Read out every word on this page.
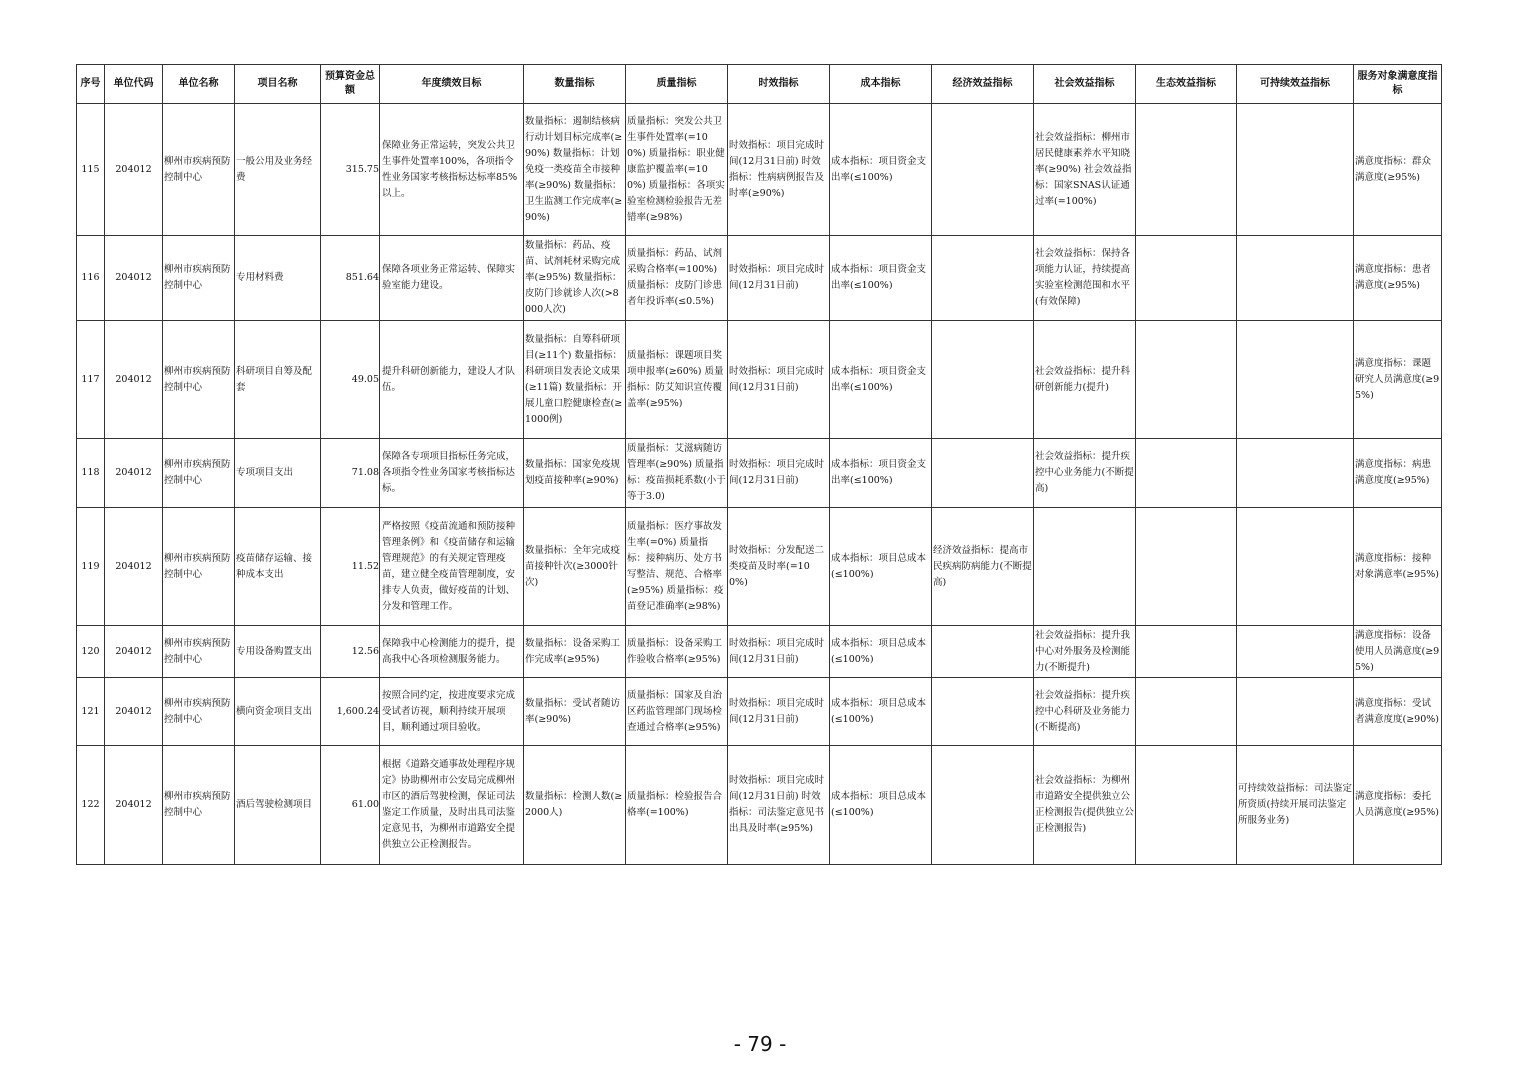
序号	单位代码	单位名称	项目名称	预算资金总额	年度绩效目标	数量指标	质量指标	时效指标	成本指标	经济效益指标	社会效益指标	生态效益指标	可持续效益指标	服务对象满意度指标
115	204012	柳州市疾病预防控制中心	一般公用及业务经费	315.75	保障业务正常运转，突发公共卫生事件处置率100%，各项指令性业务国家考核指标达标率85%以上。	数量指标：遏制结核病行动计划目标完成率(≥90%) 数量指标：计划免疫一类疫苗全市接种率(≥90%) 数量指标：卫生监测工作完成率(≥90%)	质量指标：突发公共卫生事件处置率(=100%) 质量指标：职业健康监护覆盖率(=100%) 质量指标：各项实验室检测检验报告无差错率(≥98%)	时效指标：项目完成时间(12月31日前) 时效指标：性病病例报告及时率(≥90%)	成本指标：项目资金支出率(≤100%)		社会效益指标：柳州市居民健康素养水平知晓率(≥90%) 社会效益指标：国家SNAS认证通过率(=100%)			满意度指标：群众满意度(≥95%)
116	204012	柳州市疾病预防控制中心	专用材料费	851.64	保障各项业务正常运转、保障实验室能力建设。	数量指标：药品、疫苗、试剂耗材采购完成率(≥95%) 数量指标：皮防门诊就诊人次(>8000人次)	质量指标：药品、试剂采购合格率(=100%) 质量指标：皮防门诊患者年投诉率(≤0.5%)	时效指标：项目完成时间(12月31日前)	成本指标：项目资金支出率(≤100%)		社会效益指标：保持各项能力认证，持续提高实验室检测范围和水平(有效保障)			满意度指标：患者满意度(≥95%)
117	204012	柳州市疾病预防控制中心	科研项目自筹及配套	49.05	提升科研创新能力，建设人才队伍。	数量指标：自筹科研项目(≥11个) 数量指标：科研项目发表论文成果(≥11篇) 数量指标：开展儿童口腔健康检查(≥1000例)	质量指标：课题项目奖项申报率(≥60%) 质量指标：防艾知识宣传覆盖率(≥95%)	时效指标：项目完成时间(12月31日前)	成本指标：项目资金支出率(≤100%)		社会效益指标：提升科研创新能力(提升)			满意度指标：课题研究人员满意度(≥95%)
118	204012	柳州市疾病预防控制中心	专项项目支出	71.08	保障各专项项目指标任务完成，各项指令性业务国家考核指标达标。	数量指标：国家免疫规划疫苗接种率(≥90%)	质量指标：艾滋病随访管理率(≥90%) 质量指标：疫苗损耗系数(小于等于3.0)	时效指标：项目完成时间(12月31日前)	成本指标：项目资金支出率(≤100%)		社会效益指标：提升疾控中心业务能力(不断提高)			满意度指标：病患满意度度(≥95%)
119	204012	柳州市疾病预防控制中心	疫苗储存运输、接种成本支出	11.52	严格按照《疫苗流通和预防接种管理条例》和《疫苗储存和运输管理规范》的有关规定管理疫苗，建立健全疫苗管理制度，安排专人负责，做好疫苗的计划、分发和管理工作。	数量指标：全年完成疫苗接种针次(≥3000针次)	质量指标：医疗事故发生率(=0%) 质量指标：接种病历、处方书写整洁、规范、合格率(≥95%) 质量指标：疫苗登记准确率(≥98%)	时效指标：分发配送二类疫苗及时率(=100%)	成本指标：项目总成本(≤100%)	经济效益指标：提高市民疾病防病能力(不断提高)				满意度指标：接种对象满意率(≥95%)
120	204012	柳州市疾病预防控制中心	专用设备购置支出	12.56	保障我中心检测能力的提升，提高我中心各项检测服务能力。	数量指标：设备采购工作完成率(≥95%)	质量指标：设备采购工作验收合格率(≥95%)	时效指标：项目完成时间(12月31日前)	成本指标：项目总成本(≤100%)		社会效益指标：提升我中心对外服务及检测能力(不断提升)			满意度指标：设备使用人员满意度(≥95%)
121	204012	柳州市疾病预防控制中心	横向资金项目支出	1,600.24	按照合同约定，按进度要求完成受试者访视，顺利持续开展项目，顺利通过项目验收。	数量指标：受试者随访率(≥90%)	质量指标：国家及自治区药监管理部门现场检查通过合格率(≥95%)	时效指标：项目完成时间(12月31日前)	成本指标：项目总成本(≤100%)		社会效益指标：提升疾控中心科研及业务能力(不断提高)			满意度指标：受试者满意度度(≥90%)
122	204012	柳州市疾病预防控制中心	酒后驾驶检测项目	61.00	根据《道路交通事故处理程序规定》协助柳州市公安局完成柳州市区的酒后驾驶检测，保证司法鉴定工作质量，及时出具司法鉴定意见书，为柳州市道路安全提供独立公正检测报告。	数量指标：检测人数(≥2000人)	质量指标：检验报告合格率(=100%)	时效指标：项目完成时间(12月31日前) 时效指标：司法鉴定意见书出具及时率(≥95%)	成本指标：项目总成本(≤100%)		社会效益指标：为柳州市道路安全提供独立公正检测报告(提供独立公正检测报告)		可持续效益指标：司法鉴定所资质(持续开展司法鉴定所服务业务)	满意度指标：委托人员满意度(≥95%)
- 79 -
